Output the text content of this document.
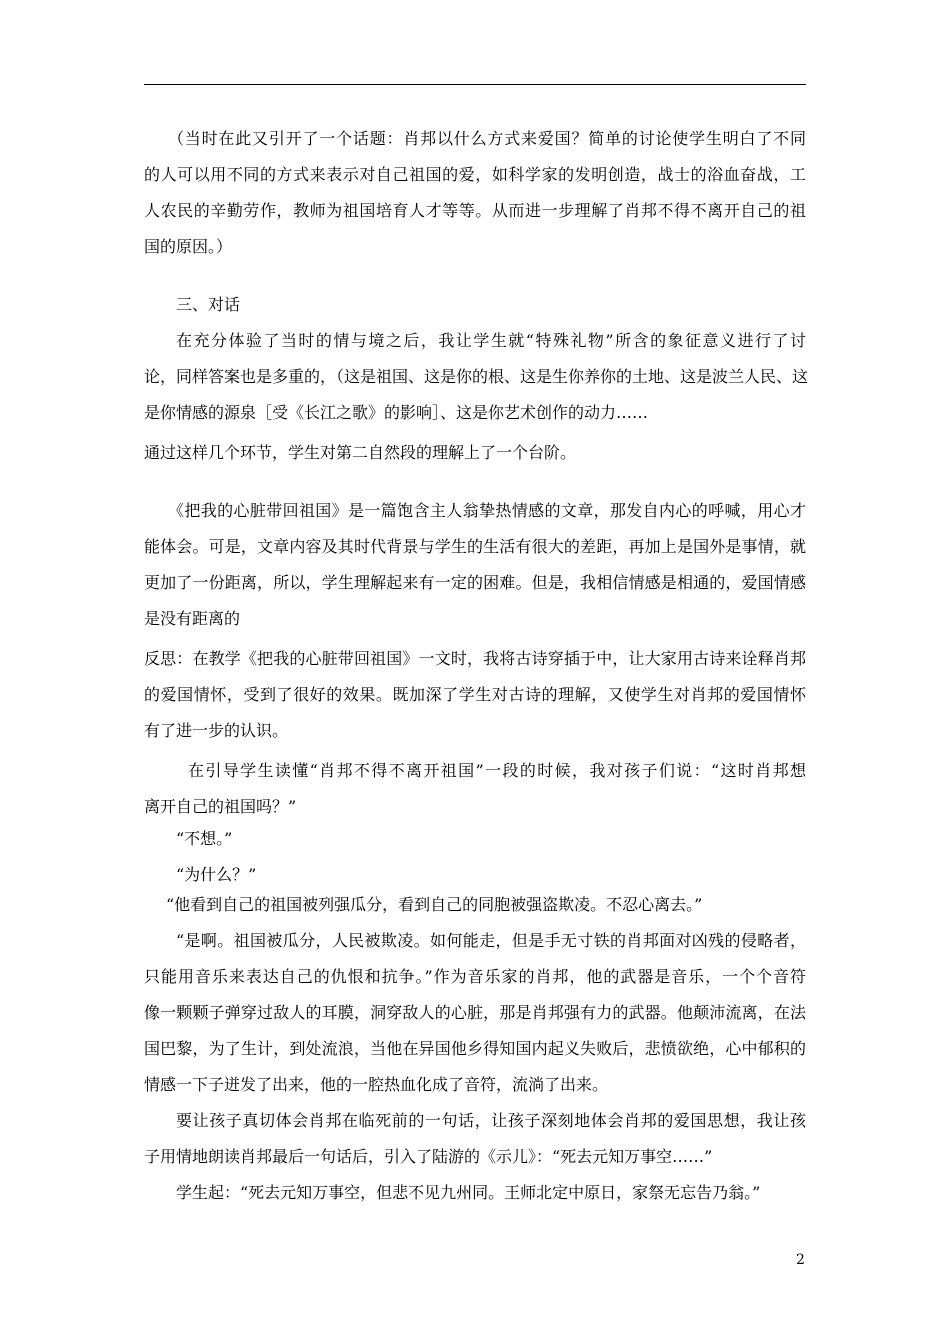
（当时在此又引开了一个话题：肖邦以什么方式来爱国？简单的讨论使学生明白了不同
的人可以用不同的方式来表示对自己祖国的爱，如科学家的发明创造，战士的浴血奋战，工
人农民的辛勤劳作，教师为祖国培育人才等等。从而进一步理解了肖邦不得不离开自己的祖
国的原因。）
三、对话
在充分体验了当时的情与境之后，我让学生就“特殊礼物”所含的象征意义进行了讨
论，同样答案也是多重的，（这是祖国、这是你的根、这是生你养你的土地、这是波兰人民、这
是你情感的源泉［受《长江之歌》的影响］、这是你艺术创作的动力……
通过这样几个环节，学生对第二自然段的理解上了一个台阶。
《把我的心脏带回祖国》是一篇饱含主人翁挚热情感的文章，那发自内心的呼喊，用心才
能体会。可是，文章内容及其时代背景与学生的生活有很大的差距，再加上是国外是事情，就
更加了一份距离，所以，学生理解起来有一定的困难。但是，我相信情感是相通的，爱国情感
是没有距离的
反思：在教学《把我的心脏带回祖国》一文时，我将古诗穿插于中，让大家用古诗来诠释肖邦
的爱国情怀，受到了很好的效果。既加深了学生对古诗的理解，又使学生对肖邦的爱国情怀
有了进一步的认识。
在引导学生读懂“肖邦不得不离开祖国”一段的时候，我对孩子们说：“这时肖邦想
离开自己的祖国吗？”
“不想。”
“为什么？”
“他看到自己的祖国被列强瓜分，看到自己的同胞被强盗欺凌。不忍心离去。”
“是啊。祖国被瓜分，人民被欺凌。如何能走，但是手无寸铁的肖邦面对凶残的侵略者，
只能用音乐来表达自己的仇恨和抗争。”作为音乐家的肖邦，他的武器是音乐，一个个音符
像一颗颗子弹穿过敌人的耳膜，洞穿敌人的心脏，那是肖邦强有力的武器。他颠沛流离，在法
国巴黎，为了生计，到处流浪，当他在异国他乡得知国内起义失败后，悲愤欲绝，心中郁积的
情感一下子迸发了出来，他的一腔热血化成了音符，流淌了出来。
要让孩子真切体会肖邦在临死前的一句话，让孩子深刻地体会肖邦的爱国思想，我让孩
子用情地朗读肖邦最后一句话后，引入了陆游的《示儿》：“死去元知万事空……”
学生起：“死去元知万事空，但悲不见九州同。王师北定中原日，家祭无忘告乃翁。”
2
